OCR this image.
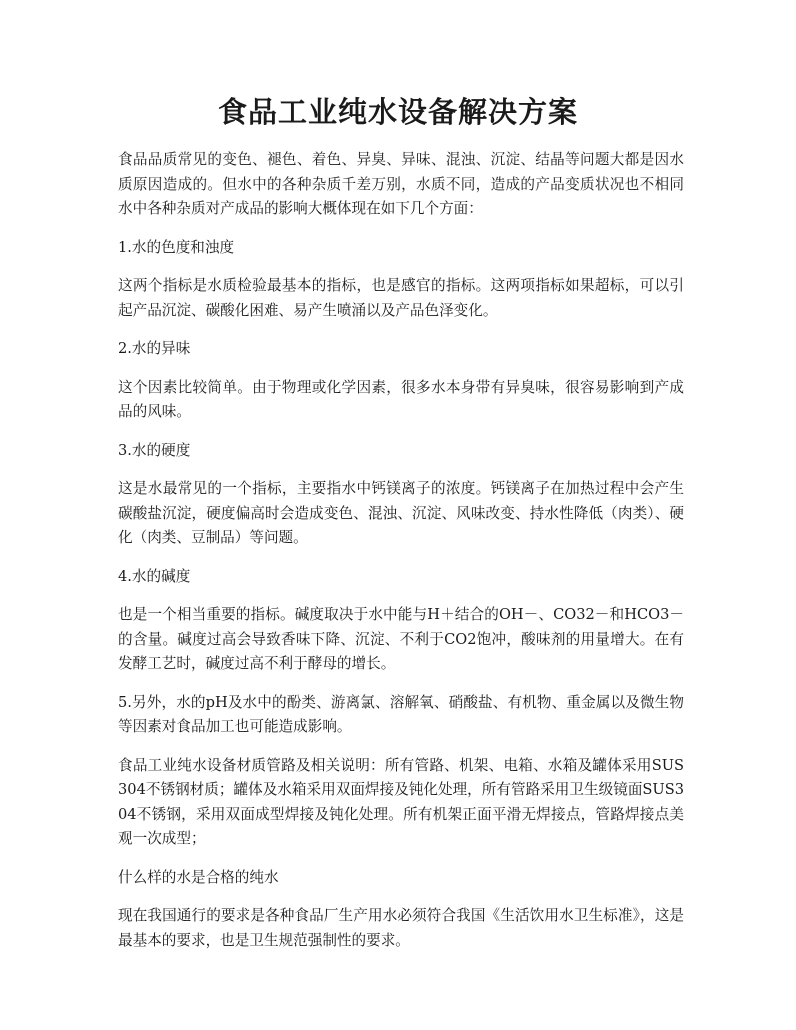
食品工业纯水设备解决方案

食品品质常见的变色、褪色、着色、异臭、异味、混浊、沉淀、结晶等问题大都是因水质原因造成的。但水中的各种杂质千差万别，水质不同，造成的产品变质状况也不相同水中各种杂质对产成品的影响大概体现在如下几个方面：

1.水的色度和浊度

这两个指标是水质检验最基本的指标，也是感官的指标。这两项指标如果超标，可以引起产品沉淀、碳酸化困难、易产生喷涌以及产品色泽变化。

2.水的异味

这个因素比较简单。由于物理或化学因素，很多水本身带有异臭味，很容易影响到产成品的风味。

3.水的硬度

这是水最常见的一个指标，主要指水中钙镁离子的浓度。钙镁离子在加热过程中会产生碳酸盐沉淀，硬度偏高时会造成变色、混浊、沉淀、风味改变、持水性降低（肉类）、硬化（肉类、豆制品）等问题。

4.水的碱度

也是一个相当重要的指标。碱度取决于水中能与H＋结合的OH－、CO32－和HCO3－的含量。碱度过高会导致香味下降、沉淀、不利于CO2饱冲，酸味剂的用量增大。在有发酵工艺时，碱度过高不利于酵母的增长。

5.另外，水的pH及水中的酚类、游离氯、溶解氧、硝酸盐、有机物、重金属以及微生物等因素对食品加工也可能造成影响。

食品工业纯水设备材质管路及相关说明：所有管路、机架、电箱、水箱及罐体采用SUS304不锈钢材质；罐体及水箱采用双面焊接及钝化处理，所有管路采用卫生级镜面SUS304不锈钢，采用双面成型焊接及钝化处理。所有机架正面平滑无焊接点，管路焊接点美观一次成型；

什么样的水是合格的纯水

现在我国通行的要求是各种食品厂生产用水必须符合我国《生活饮用水卫生标准》，这是最基本的要求，也是卫生规范强制性的要求。
